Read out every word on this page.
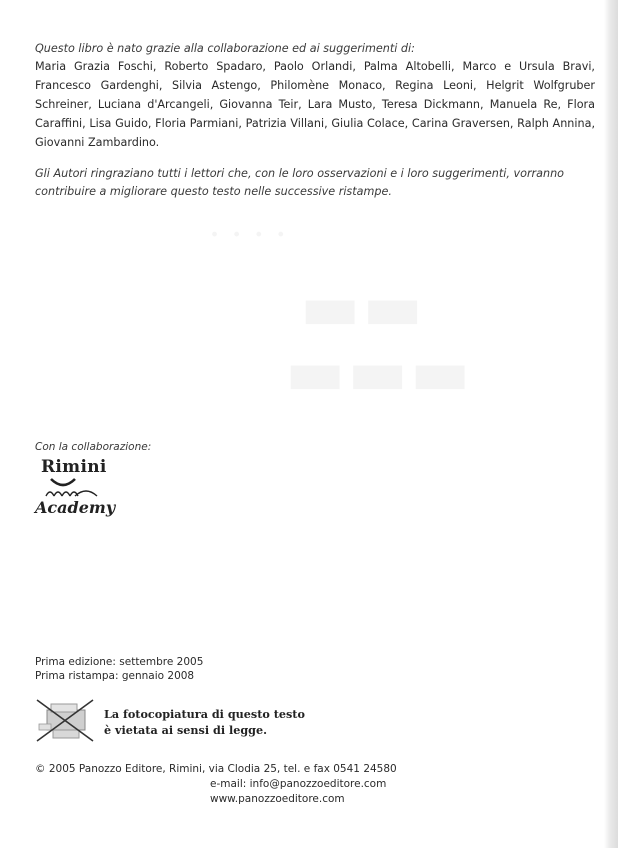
Questo libro è nato grazie alla collaborazione ed ai suggerimenti di:
Maria Grazia Foschi, Roberto Spadaro, Paolo Orlandi, Palma Altobelli, Marco e Ursula Bravi, Francesco Gardenghi, Silvia Astengo, Philomène Monaco, Regina Leoni, Helgrit Wolfgruber Schreiner, Luciana d'Arcangeli, Giovanna Teir, Lara Musto, Teresa Dickmann, Manuela Re, Flora Caraffini, Lisa Guido, Floria Parmiani, Patrizia Villani, Giulia Colace, Carina Graversen, Ralph Annina, Giovanni Zambardino.
Gli Autori ringraziano tutti i lettori che, con le loro osservazioni e i loro suggerimenti, vorranno contribuire a migliorare questo testo nelle successive ristampe.
Con la collaborazione:
Rimini
Academy
Prima edizione: settembre 2005
Prima ristampa: gennaio 2008
La fotocopiatura di questo testo
è vietata ai sensi di legge.
© 2005 Panozzo Editore, Rimini, via Clodia 25, tel. e fax 0541 24580
e-mail: info@panozzoeditore.com
www.panozzoeditore.com
